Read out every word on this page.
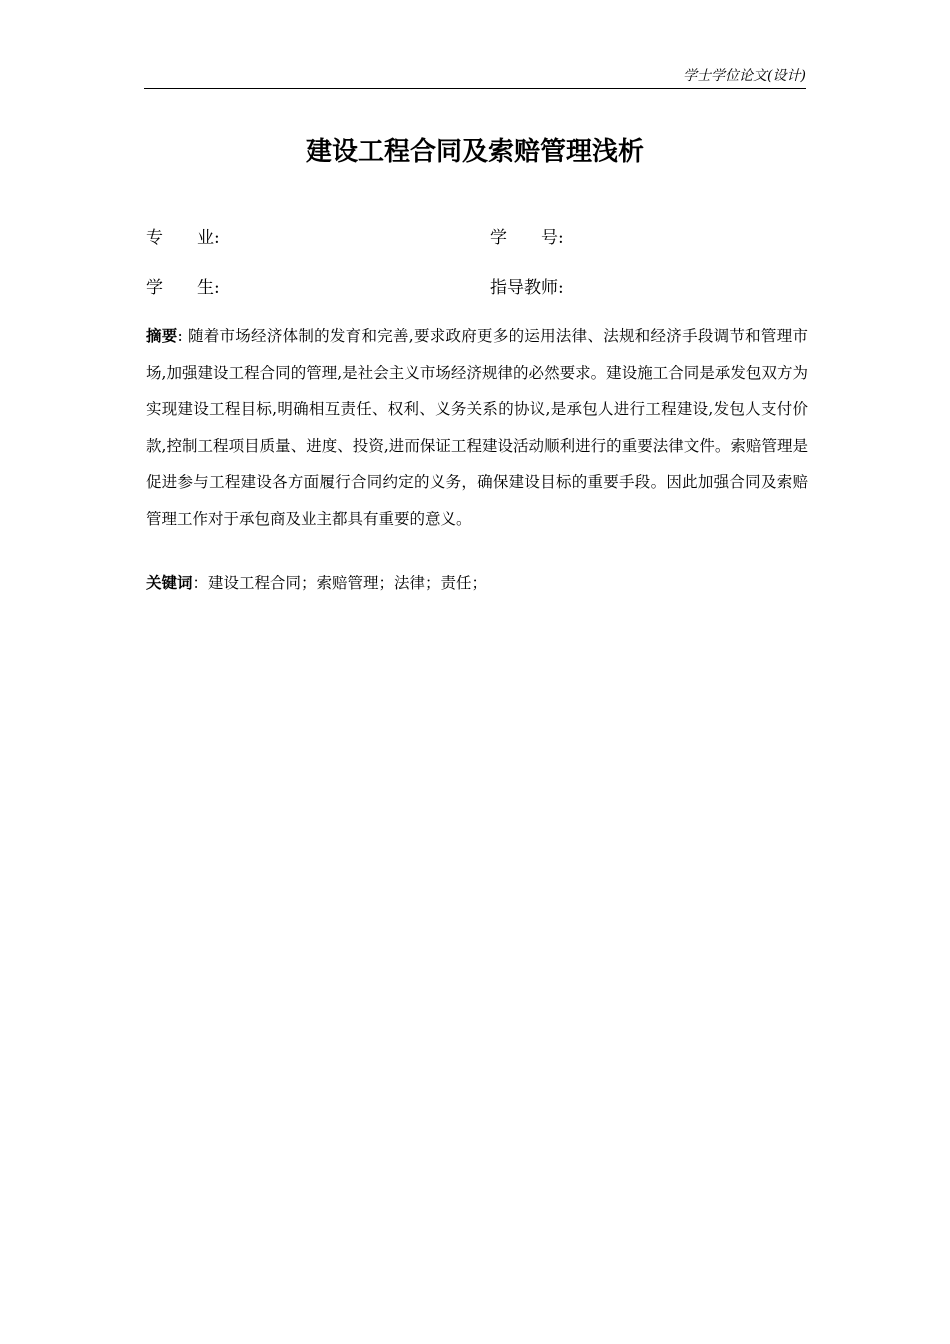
学士学位论文(设计)
建设工程合同及索赔管理浅析
专　　业:	学　　号:
学　　生:	指导教师:
摘要: 随着市场经济体制的发育和完善,要求政府更多的运用法律、法规和经济手段调节和管理市场,加强建设工程合同的管理,是社会主义市场经济规律的必然要求。建设施工合同是承发包双方为实现建设工程目标,明确相互责任、权利、义务关系的协议,是承包人进行工程建设,发包人支付价款,控制工程项目质量、进度、投资,进而保证工程建设活动顺利进行的重要法律文件。索赔管理是促进参与工程建设各方面履行合同约定的义务，确保建设目标的重要手段。因此加强合同及索赔管理工作对于承包商及业主都具有重要的意义。
关键词：建设工程合同；索赔管理；法律；责任；
